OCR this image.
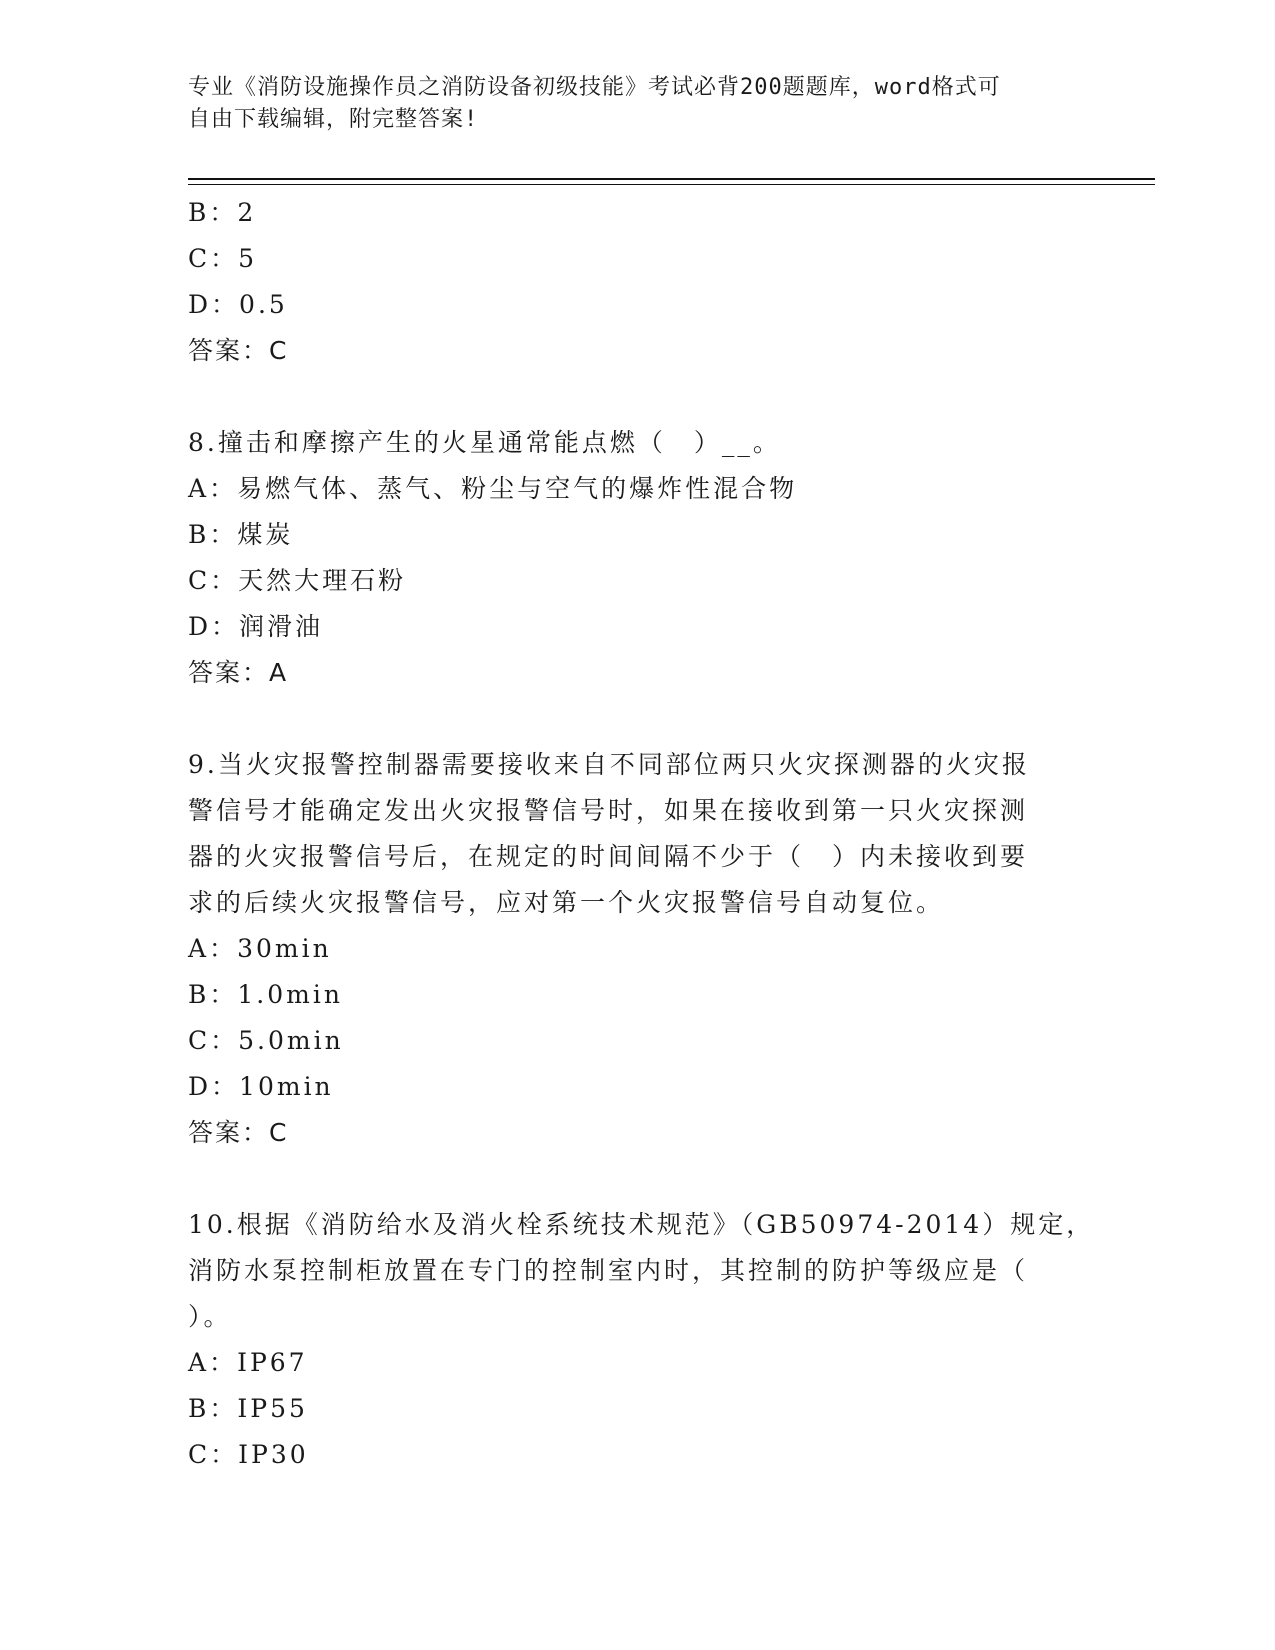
专业《消防设施操作员之消防设备初级技能》考试必背200题题库，word格式可
自由下载编辑，附完整答案!
B：2
C：5
D：0.5
答案：C
8.撞击和摩擦产生的火星通常能点燃（　）__。
A：易燃气体、蒸气、粉尘与空气的爆炸性混合物
B：煤炭
C：天然大理石粉
D：润滑油
答案：A
9.当火灾报警控制器需要接收来自不同部位两只火灾探测器的火灾报
警信号才能确定发出火灾报警信号时，如果在接收到第一只火灾探测
器的火灾报警信号后，在规定的时间间隔不少于（　）内未接收到要
求的后续火灾报警信号，应对第一个火灾报警信号自动复位。
A：30min
B：1.0min
C：5.0min
D：10min
答案：C
10.根据《消防给水及消火栓系统技术规范》（GB50974-2014）规定，
消防水泵控制柜放置在专门的控制室内时，其控制的防护等级应是（
）。
A：IP67
B：IP55
C：IP30
